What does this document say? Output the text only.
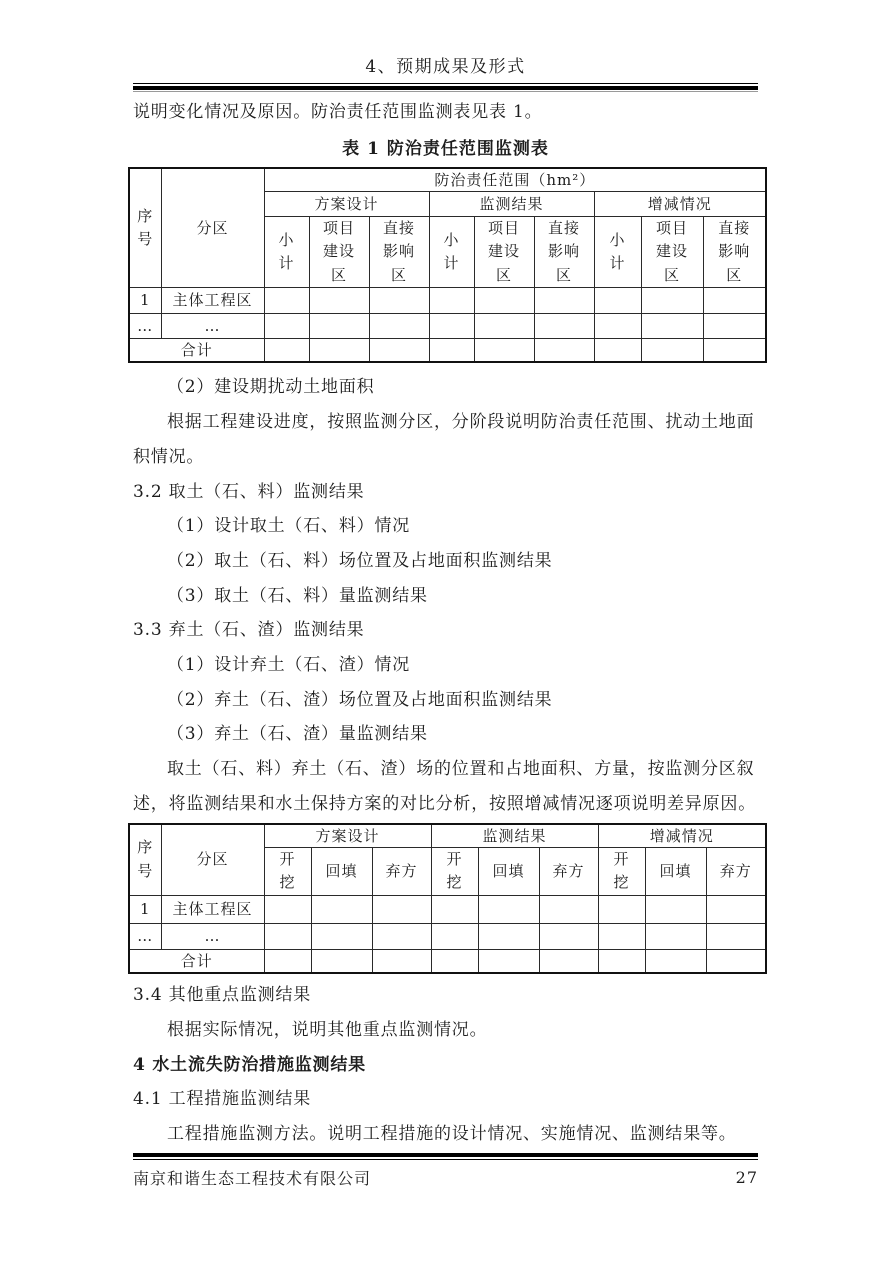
4、预期成果及形式
说明变化情况及原因。防治责任范围监测表见表 1。
表 1 防治责任范围监测表
序号	分区	防治责任范围（hm²）								
		方案设计			监测结果			增减情况		
		小计	项目建设区	直接影响区	小计	项目建设区	直接影响区	小计	项目建设区	直接影响区
1	主体工程区									
…	…									
合计										
（2）建设期扰动土地面积
根据工程建设进度，按照监测分区，分阶段说明防治责任范围、扰动土地面
积情况。
3.2 取土（石、料）监测结果
（1）设计取土（石、料）情况
（2）取土（石、料）场位置及占地面积监测结果
（3）取土（石、料）量监测结果
3.3 弃土（石、渣）监测结果
（1）设计弃土（石、渣）情况
（2）弃土（石、渣）场位置及占地面积监测结果
（3）弃土（石、渣）量监测结果
取土（石、料）弃土（石、渣）场的位置和占地面积、方量，按监测分区叙
述，将监测结果和水土保持方案的对比分析，按照增减情况逐项说明差异原因。
序号	分区	方案设计			监测结果			增减情况		
		开挖	回填	弃方	开挖	回填	弃方	开挖	回填	弃方
1	主体工程区									
…	…									
合计										
3.4 其他重点监测结果
根据实际情况，说明其他重点监测情况。
4 水土流失防治措施监测结果
4.1 工程措施监测结果
工程措施监测方法。说明工程措施的设计情况、实施情况、监测结果等。
南京和谐生态工程技术有限公司	27
